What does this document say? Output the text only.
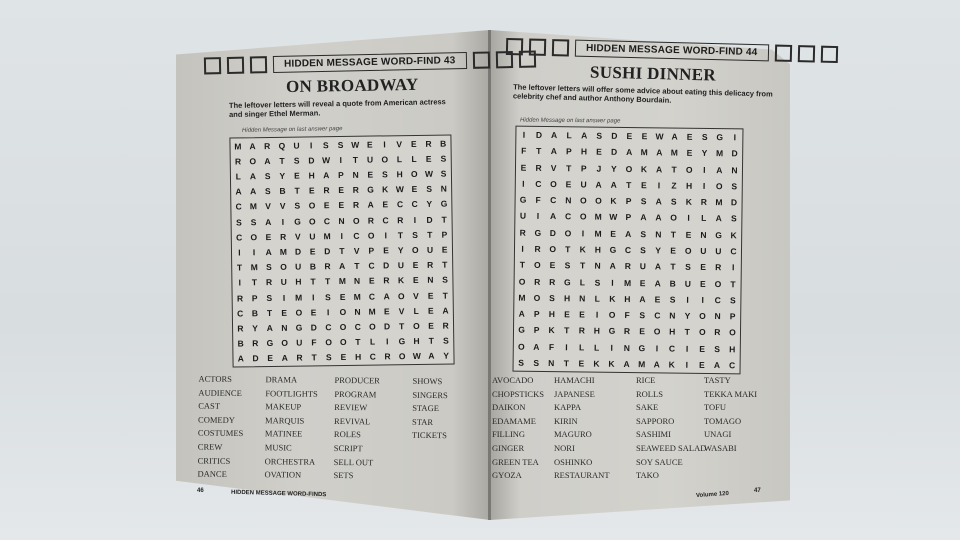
HIDDEN MESSAGE WORD-FIND 43
ON BROADWAY
The leftover letters will reveal a quote from American actress and singer Ethel Merman.
Hidden Message on last answer page
M A R Q U	I	S	S W E	I	V	E	R B
R O A	T	S	D W	I	T	U O	L	L	E	S
L	A	S	Y	E	H A	P	N	E	S	H O W S
A A	S	B	T	E	R	E	R G K W E	S	N
C M V	V	S O E	E	R A	E	C C	Y G
S	S	A	I	G O C N O R C R	I	D	T
C O E	R	V	U M	I	C O	I	T	S	T	P
I	I	A M D	E	D	T	V	P	E	Y O U	E
T M S O U B R A	T	C D U	E	R	T
I	T	R U H	T	T M N	E	R K	E	N	S
R	P	S	I	M	I	S	E M C A O V	E	T
C B	T	E O E	I	O N M E	V	L	E	A
R	Y	A N G D C O C O D	T	O E	R
B R G O U	F	O O	T	L	I	G H	T	S
A D	E	A R	T	S	E	H C R O W A	Y
ACTORS
AUDIENCE
CAST
COMEDY
COSTUMES
CREW
CRITICS
DANCE
DRAMA
FOOTLIGHTS
MAKEUP
MARQUIS
MATINEE
MUSIC
ORCHESTRA
OVATION
PRODUCER
PROGRAM
REVIEW
REVIVAL
ROLES
SCRIPT
SELL OUT
SETS
SHOWS
SINGERS
STAGE
STAR
TICKETS
46	HIDDEN MESSAGE WORD-FINDS
HIDDEN MESSAGE WORD-FIND 44
SUSHI DINNER
The leftover letters will offer some advice about eating this delicacy from celebrity chef and author Anthony Bourdain.
Hidden Message on last answer page
I	D	A	L	A	S	D	E	E W A	E	S	G	I
F	T	A	P	H	E	D	A M A M	E	Y	M D
E	R	V	T	P	J	Y	O	K	A	T	O	I	A	N
I	C	O	E	U	A	A	T	E	I	Z	H	I	O	S
G	F	C	N	O O	K	P	S	A	S	K	R M D
U	I	A	C	O M W P	A	A	O	I	L	A	S
R	G	D	O	I	M	E	A	S	N	T	E	N	G	K
I	R	O	T	K	H	G	C	S	Y	E	O	U	U	C
T	O	E	S	T	N	A	R	U	A	T	S	E	R	I
O	R	R	G	L	S	I	M	E	A	B	U	E	O	T
M O	S	H	N	L	K	H	A	E	S	I	I	C	S
A	P	H	E	E	I	O	F	S	C	N	Y	O	N	P
G	P	K	T	R	H	G	R	E	O	H	T	O	R	O
O	A	F	I	L	L	I	N	G	I	C	I	E	S	H
S	S	N	T	E	K	K	A M A	K	I	E	A	C
AVOCADO
CHOPSTICKS
DAIKON
EDAMAME
FILLING
GINGER
GREEN TEA
GYOZA
HAMACHI
JAPANESE
KAPPA
KIRIN
MAGURO
NORI
OSHINKO
RESTAURANT
RICE
ROLLS
SAKE
SAPPORO
SASHIMI
SEAWEED SALAD
SOY SAUCE
TAKO
TASTY
TEKKA MAKI
TOFU
TOMAGO
UNAGI
WASABI
Volume 120	47
